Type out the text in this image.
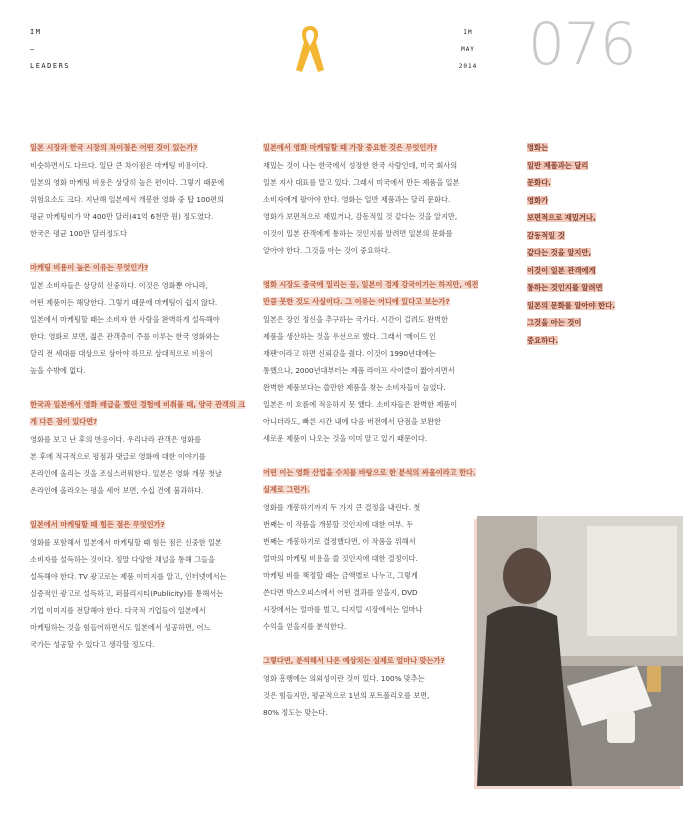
IM
–
LEADERS
IM
MAY
2014 076
일본 시장과 한국 시장의 차이점은 어떤 것이 있는가?

비슷하면서도 다르다. 일단 큰 차이점은 마케팅 비용이다.

일본의 영화 마케팅 비용은 상당히 높은 편이다. 그렇기 때문에

위험요소도 크다. 지난해 일본에서 개봉한 영화 중 탑 100편의

평균 마케팅비가 약 400만 달러(41억 6천만 원) 정도였다.

한국은 평균 100만 달러정도다

마케팅 비용이 높은 이유는 무엇인가?

일본 소비자들은 상당히 신중하다. 이것은 영화뿐 아니라,

어떤 제품이든 해당한다. 그렇기 때문에 마케팅이 쉽지 않다.

일본에서 마케팅할 때는 소비자 한 사람을 완벽하게 설득해야

한다. 영화로 보면, 젊은 관객층이 주를 이루는 한국 영화와는

달리 전 세대를 대상으로 삼아야 하므로 상대적으로 비용이

높을 수밖에 없다.

한국과 일본에서 영화 배급을 했던 경험에 비춰볼 때, 양국 관객의 크게 다른 점이 있다면?

영화를 보고 난 후의 반응이다. 우리나라 관객은 영화를

본 후에 적극적으로 평점과 댓글로 영화에 대한 이야기를

온라인에 올리는 것을 조심스러워한다. 일본은 영화 개봉 첫날

온라인에 올라오는 평을 세어 보면, 수십 건에 불과하다.

일본에서 마케팅할 때 힘든 점은 무엇인가?

영화를 포함해서 일본에서 마케팅할 때 힘든 점은 신중한 일본

소비자를 설득하는 것이다. 정말 다양한 채널을 통해 그들을

설득해야 한다. TV 광고로는 제품 이미지를 알고, 인터넷에서는

실증적인 광고로 설득하고, 퍼블리시티(Publicity)를 통해서는

기업 이미지를 전달해야 한다. 다국적 기업들이 일본에서

마케팅하는 것을 힘들어하면서도 일본에서 성공하면, 어느

국가든 성공할 수 있다고 생각할 정도다.

일본에서 영화 마케팅할 때 가장 중요한 것은 무엇인가?

재밌는 것이 나는 한국에서 성장한 한국 사람인데, 미국 회사의

일본 지사 대표를 맡고 있다. 그래서 미국에서 만든 제품을 일본

소비자에게 팔아야 한다. 영화는 일반 제품과는 달리 문화다.

영화가 보편적으로 재밌거나, 감동적일 것 같다는 것을 알지만,

이것이 일본 관객에게 통하는 것인지를 알려면 일본의 문화를

알아야 한다. 그것을 아는 것이 중요하다.

영화 시장도 중국에 밀리는 등, 일본이 경제 강국이기는 하지만, 예전만큼 못한 것도 사실이다. 그 이유는 어디에 있다고 보는가?

일본은 장인 정신을 추구하는 국가다. 시간이 걸려도 완벽한

제품을 생산하는 것을 우선으로 했다. 그래서 '메이드 인

재팬'이라고 하면 신뢰감을 줬다. 이것이 1990년대에는

통했으나, 2000년대부터는 제품 라이프 사이클이 짧아지면서

완벽한 제품보다는 쓸만한 제품을 찾는 소비자들이 늘었다.

일본은 이 흐름에 적응하지 못 했다. 소비자들은 완벽한 제품이

아니더라도, 빠른 시간 내에 다음 버전에서 단점을 보완한

새로운 제품이 나오는 것을 이미 알고 있기 때문이다.

어떤 이는 영화 산업을 수치를 바탕으로 한 분석의 싸움이라고 한다. 실제로 그런가.

영화를 개봉하기까지 두 가지 큰 결정을 내린다. 첫

번째는 이 작품을 개봉할 것인지에 대한 여부. 두

번째는 개봉하기로 결정했다면, 이 작품을 위해서

얼마의 마케팅 비용을 쓸 것인지에 대한 결정이다.

마케팅 비를 책정할 때는 금액별로 나누고, 그렇게

쓴다면 박스오피스에서 어떤 결과를 얻을지, DVD

시장에서는 얼마를 벌고, 디지털 시장에서는 얼마나

수익을 얻을지를 분석한다.

그렇다면, 분석해서 나온 예상치는 실제로 얼마나 맞는가?

영화 흥행에는 의외성이란 것이 있다. 100% 맞추는

것은 힘들지만, 평균적으로 1년의 포트폴리오를 보면,

80% 정도는 맞는다.

영화는
일반 제품과는 달리
문화다.
영화가
보편적으로 재밌거나,
감동적일 것
같다는 것을 알지만,
이것이 일본 관객에게
통하는 것인지를 알려면
일본의 문화를 알아야 한다.
그것을 아는 것이
중요하다.
